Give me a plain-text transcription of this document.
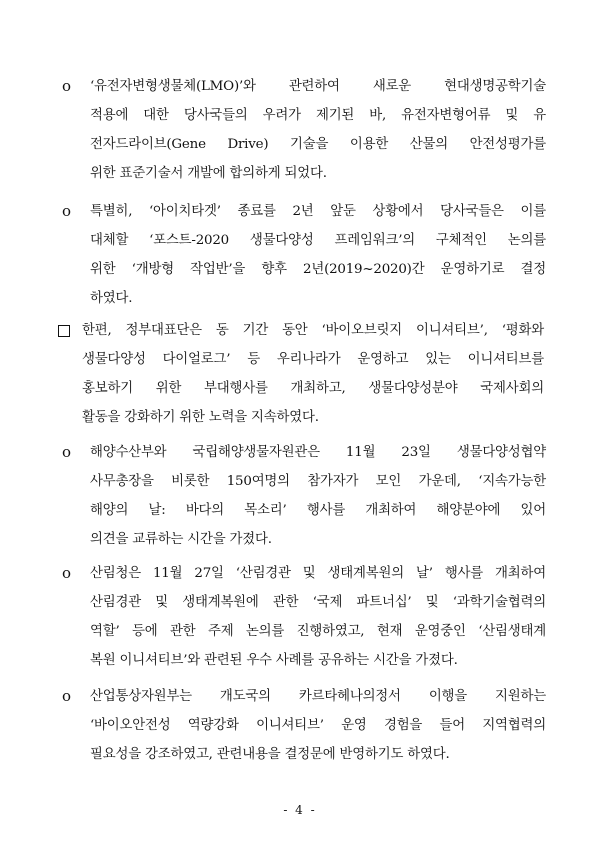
o ‘유전자변형생물체(LMO)’와 관련하여 새로운 현대생명공학기술
적용에 대한 당사국들의 우려가 제기된 바, 유전자변형어류 및 유
전자드라이브(Gene Drive) 기술을 이용한 산물의 안전성평가를
위한 표준기술서 개발에 합의하게 되었다.
o 특별히, ‘아이치타겟’ 종료를 2년 앞둔 상황에서 당사국들은 이를
대체할 ‘포스트-2020 생물다양성 프레임워크’의 구체적인 논의를
위한 ‘개방형 작업반’을 향후 2년(2019~2020)간 운영하기로 결정
하였다.
한편, 정부대표단은 동 기간 동안 ‘바이오브릿지 이니셔티브’, ‘평화와
생물다양성 다이얼로그’ 등 우리나라가 운영하고 있는 이니셔티브를
홍보하기 위한 부대행사를 개최하고, 생물다양성분야 국제사회의
활동을 강화하기 위한 노력을 지속하였다.
o 해양수산부와 국립해양생물자원관은 11월 23일 생물다양성협약
사무총장을 비롯한 150여명의 참가자가 모인 가운데, ‘지속가능한
해양의 날: 바다의 목소리’ 행사를 개최하여 해양분야에 있어
의견을 교류하는 시간을 가졌다.
o 산림청은 11월 27일 ‘산림경관 및 생태계복원의 날’ 행사를 개최하여
산림경관 및 생태계복원에 관한 ‘국제 파트너십’ 및 ‘과학기술협력의
역할’ 등에 관한 주제 논의를 진행하였고, 현재 운영중인 ‘산림생태계
복원 이니셔티브’와 관련된 우수 사례를 공유하는 시간을 가졌다.
o 산업통상자원부는 개도국의 카르타헤나의정서 이행을 지원하는
‘바이오안전성 역량강화 이니셔티브’ 운영 경험을 들어 지역협력의
필요성을 강조하였고, 관련내용을 결정문에 반영하기도 하였다.
- 4 -
